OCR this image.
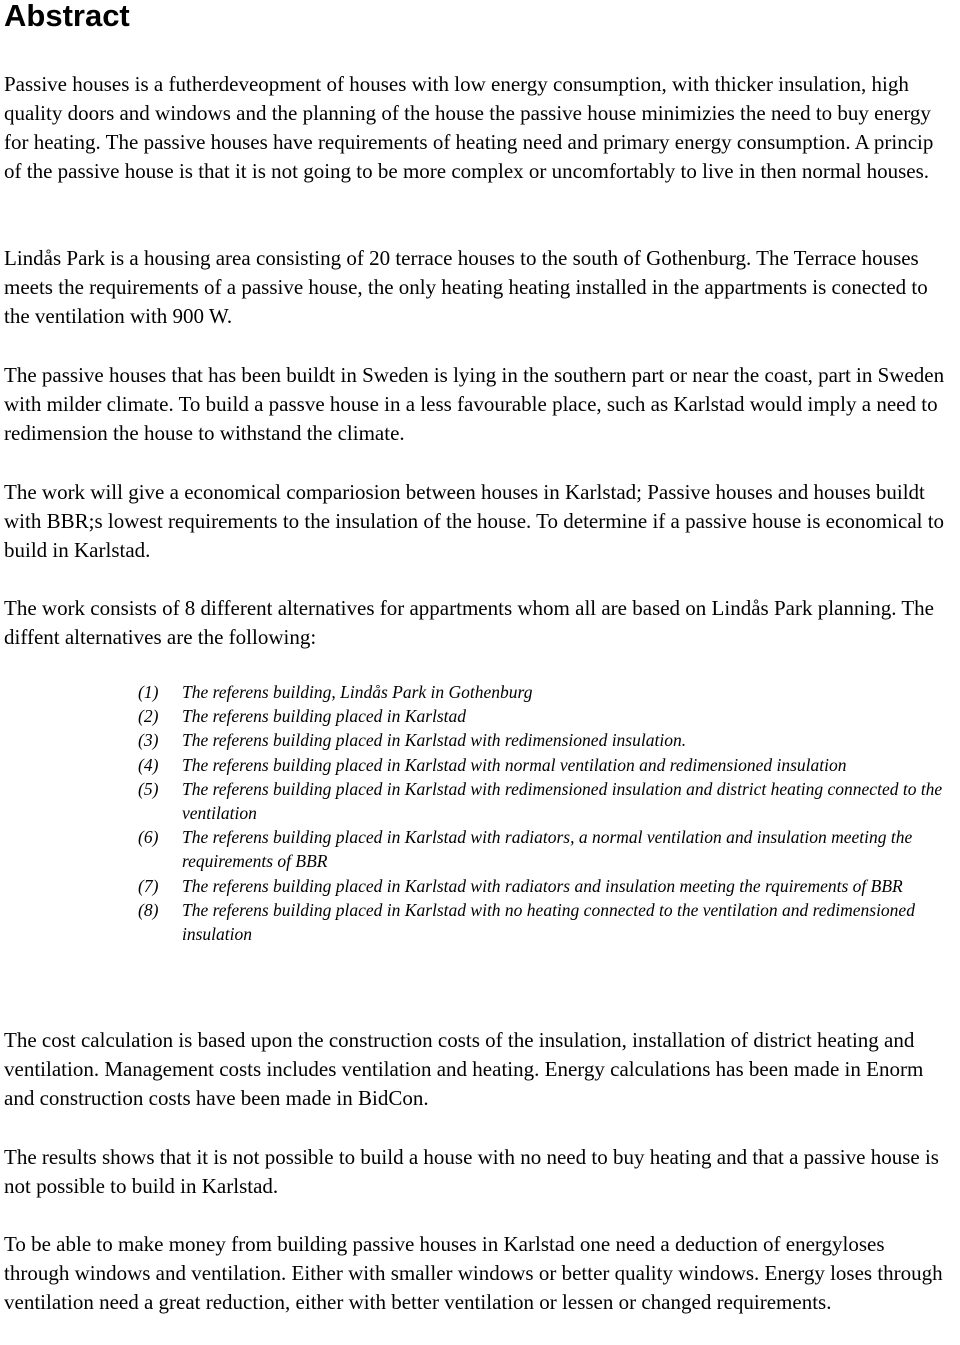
Abstract

Passive houses is a futherdeveopment of houses with low energy consumption, with thicker insulation, high quality doors and windows and the planning of the house the passive house minimizies the need to buy energy for heating. The passive houses have requirements of heating need and primary energy consumption. A princip of the passive house is that it is not going to be more complex or uncomfortably to live in then normal houses.

Lindås Park is a housing area consisting of 20 terrace houses to the south of Gothenburg. The Terrace houses meets the requirements of a passive house, the only heating heating installed in the appartments is conected to the ventilation with 900 W.

The passive houses that has been buildt in Sweden is lying in the southern part or near the coast, part in Sweden with milder climate. To build a passve house in a less favourable place, such as Karlstad would imply a need to redimension the house to withstand the climate.

The work will give a economical compariosion between houses in Karlstad; Passive houses and houses buildt with BBR;s lowest requirements to the insulation of the house. To determine if a passive house is economical to build in Karlstad.

The work consists of 8 different alternatives for appartments whom all are based on Lindås Park planning. The diffent alternatives are the following:

(1)	The referens building, Lindås Park in Gothenburg
(2)	The referens building placed in Karlstad
(3)	The referens building placed in Karlstad with redimensioned insulation.
(4)	The referens building placed in Karlstad with normal ventilation and redimensioned insulation
(5)	The referens building placed in Karlstad with redimensioned insulation and district heating connected to the ventilation
(6)	The referens building placed in Karlstad with radiators, a normal ventilation and insulation meeting the requirements of BBR
(7)	The referens building placed in Karlstad with radiators and insulation meeting the rquirements of BBR
(8)	The referens building placed in Karlstad with no heating connected to the ventilation and redimensioned insulation

The cost calculation is based upon the construction costs of the insulation, installation of district heating and ventilation. Management costs includes ventilation and heating. Energy calculations has been made in Enorm and construction costs have been made in BidCon.

The results shows that it is not possible to build a house with no need to buy heating and that a passive house is not possible to build in Karlstad.

To be able to make money from building passive houses in Karlstad one need a deduction of energyloses through windows and ventilation. Either with smaller windows or better quality windows. Energy loses through ventilation need a great reduction, either with better ventilation or lessen or changed requirements.
